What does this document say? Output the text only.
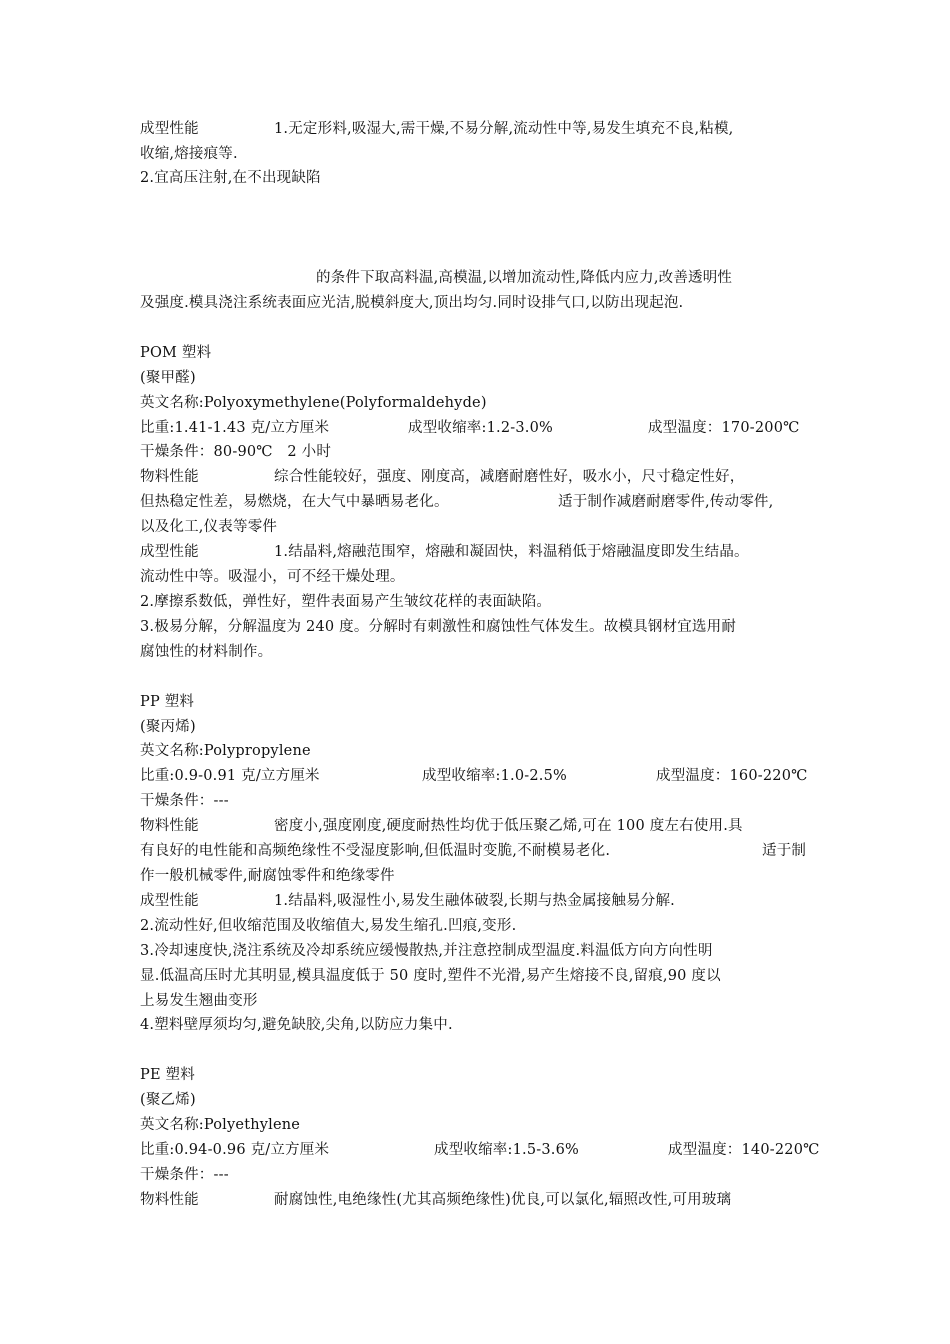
成型性能	1.无定形料,吸湿大,需干燥,不易分解,流动性中等,易发生填充不良,粘模,
收缩,熔接痕等.
2.宜高压注射,在不出现缺陷
的条件下取高料温,高模温,以增加流动性,降低内应力,改善透明性
及强度.模具浇注系统表面应光洁,脱模斜度大,顶出均匀.同时设排气口,以防出现起泡.
POM 塑料
(聚甲醛)
英文名称:Polyoxymethylene(Polyformaldehyde)
比重:1.41-1.43 克/立方厘米	成型收缩率:1.2-3.0%	成型温度：170-200℃
干燥条件：80-90℃　2 小时
物料性能	综合性能较好，强度、刚度高，减磨耐磨性好，吸水小，尺寸稳定性好，
但热稳定性差，易燃烧，在大气中暴晒易老化。	适于制作减磨耐磨零件,传动零件,
以及化工,仪表等零件
成型性能	1.结晶料,熔融范围窄，熔融和凝固快，料温稍低于熔融温度即发生结晶。
流动性中等。吸湿小，可不经干燥处理。
2.摩擦系数低，弹性好，塑件表面易产生皱纹花样的表面缺陷。
3.极易分解，分解温度为 240 度。分解时有刺激性和腐蚀性气体发生。故模具钢材宜选用耐
腐蚀性的材料制作。
PP 塑料
(聚丙烯)
英文名称:Polypropylene
比重:0.9-0.91 克/立方厘米	成型收缩率:1.0-2.5%	成型温度：160-220℃
干燥条件：---
物料性能	密度小,强度刚度,硬度耐热性均优于低压聚乙烯,可在 100 度左右使用.具
有良好的电性能和高频绝缘性不受湿度影响,但低温时变脆,不耐模易老化.	适于制
作一般机械零件,耐腐蚀零件和绝缘零件
成型性能	1.结晶料,吸湿性小,易发生融体破裂,长期与热金属接触易分解.
2.流动性好,但收缩范围及收缩值大,易发生缩孔.凹痕,变形.
3.冷却速度快,浇注系统及冷却系统应缓慢散热,并注意控制成型温度.料温低方向方向性明
显.低温高压时尤其明显,模具温度低于 50 度时,塑件不光滑,易产生熔接不良,留痕,90 度以
上易发生翘曲变形
4.塑料壁厚须均匀,避免缺胶,尖角,以防应力集中.
PE 塑料
(聚乙烯)
英文名称:Polyethylene
比重:0.94-0.96 克/立方厘米	成型收缩率:1.5-3.6%	成型温度：140-220℃
干燥条件：---
物料性能	耐腐蚀性,电绝缘性(尤其高频绝缘性)优良,可以氯化,辐照改性,可用玻璃
